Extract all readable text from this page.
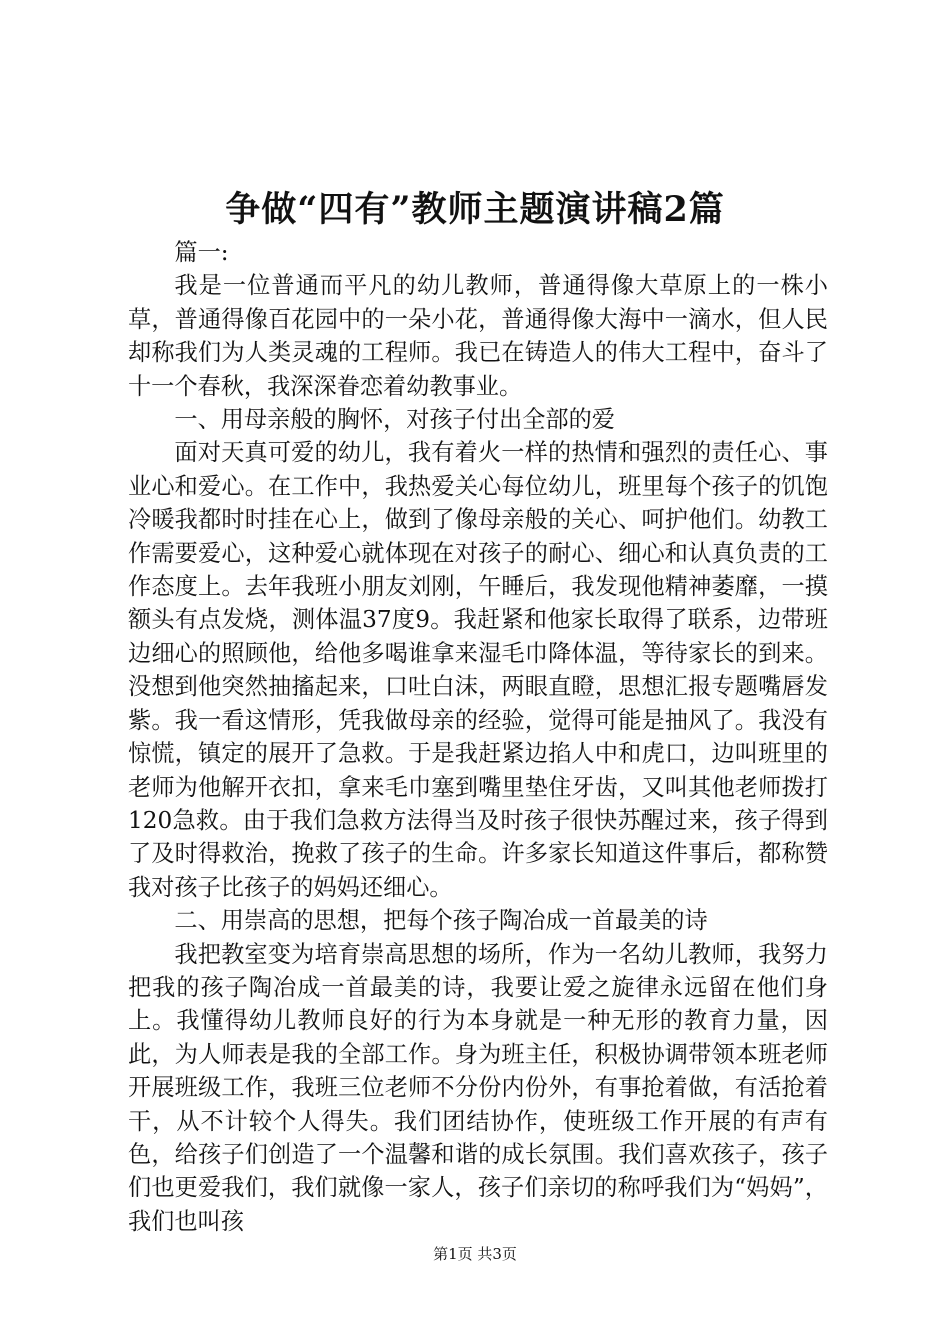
争做“四有”教师主题演讲稿2篇

篇一:

我是一位普通而平凡的幼儿教师，普通得像大草原上的一株小草，普通得像百花园中的一朵小花，普通得像大海中一滴水，但人民却称我们为人类灵魂的工程师。我已在铸造人的伟大工程中，奋斗了十一个春秋，我深深眷恋着幼教事业。

一、用母亲般的胸怀，对孩子付出全部的爱

面对天真可爱的幼儿，我有着火一样的热情和强烈的责任心、事业心和爱心。在工作中，我热爱关心每位幼儿，班里每个孩子的饥饱冷暖我都时时挂在心上，做到了像母亲般的关心、呵护他们。幼教工作需要爱心，这种爱心就体现在对孩子的耐心、细心和认真负责的工作态度上。去年我班小朋友刘刚，午睡后，我发现他精神萎靡，一摸额头有点发烧，测体温37度9。我赶紧和他家长取得了联系，边带班边细心的照顾他，给他多喝谁拿来湿毛巾降体温，等待家长的到来。没想到他突然抽搐起来，口吐白沫，两眼直瞪，思想汇报专题嘴唇发紫。我一看这情形，凭我做母亲的经验，觉得可能是抽风了。我没有惊慌，镇定的展开了急救。于是我赶紧边掐人中和虎口，边叫班里的老师为他解开衣扣，拿来毛巾塞到嘴里垫住牙齿，又叫其他老师拨打120急救。由于我们急救方法得当及时孩子很快苏醒过来，孩子得到了及时得救治，挽救了孩子的生命。许多家长知道这件事后，都称赞我对孩子比孩子的妈妈还细心。

二、用崇高的思想，把每个孩子陶冶成一首最美的诗

我把教室变为培育崇高思想的场所，作为一名幼儿教师，我努力把我的孩子陶冶成一首最美的诗，我要让爱之旋律永远留在他们身上。我懂得幼儿教师良好的行为本身就是一种无形的教育力量，因此，为人师表是我的全部工作。身为班主任，积极协调带领本班老师开展班级工作，我班三位老师不分份内份外，有事抢着做，有活抢着干，从不计较个人得失。我们团结协作，使班级工作开展的有声有色，给孩子们创造了一个温馨和谐的成长氛围。我们喜欢孩子，孩子们也更爱我们，我们就像一家人，孩子们亲切的称呼我们为“妈妈”，我们也叫孩

第1页 共3页
